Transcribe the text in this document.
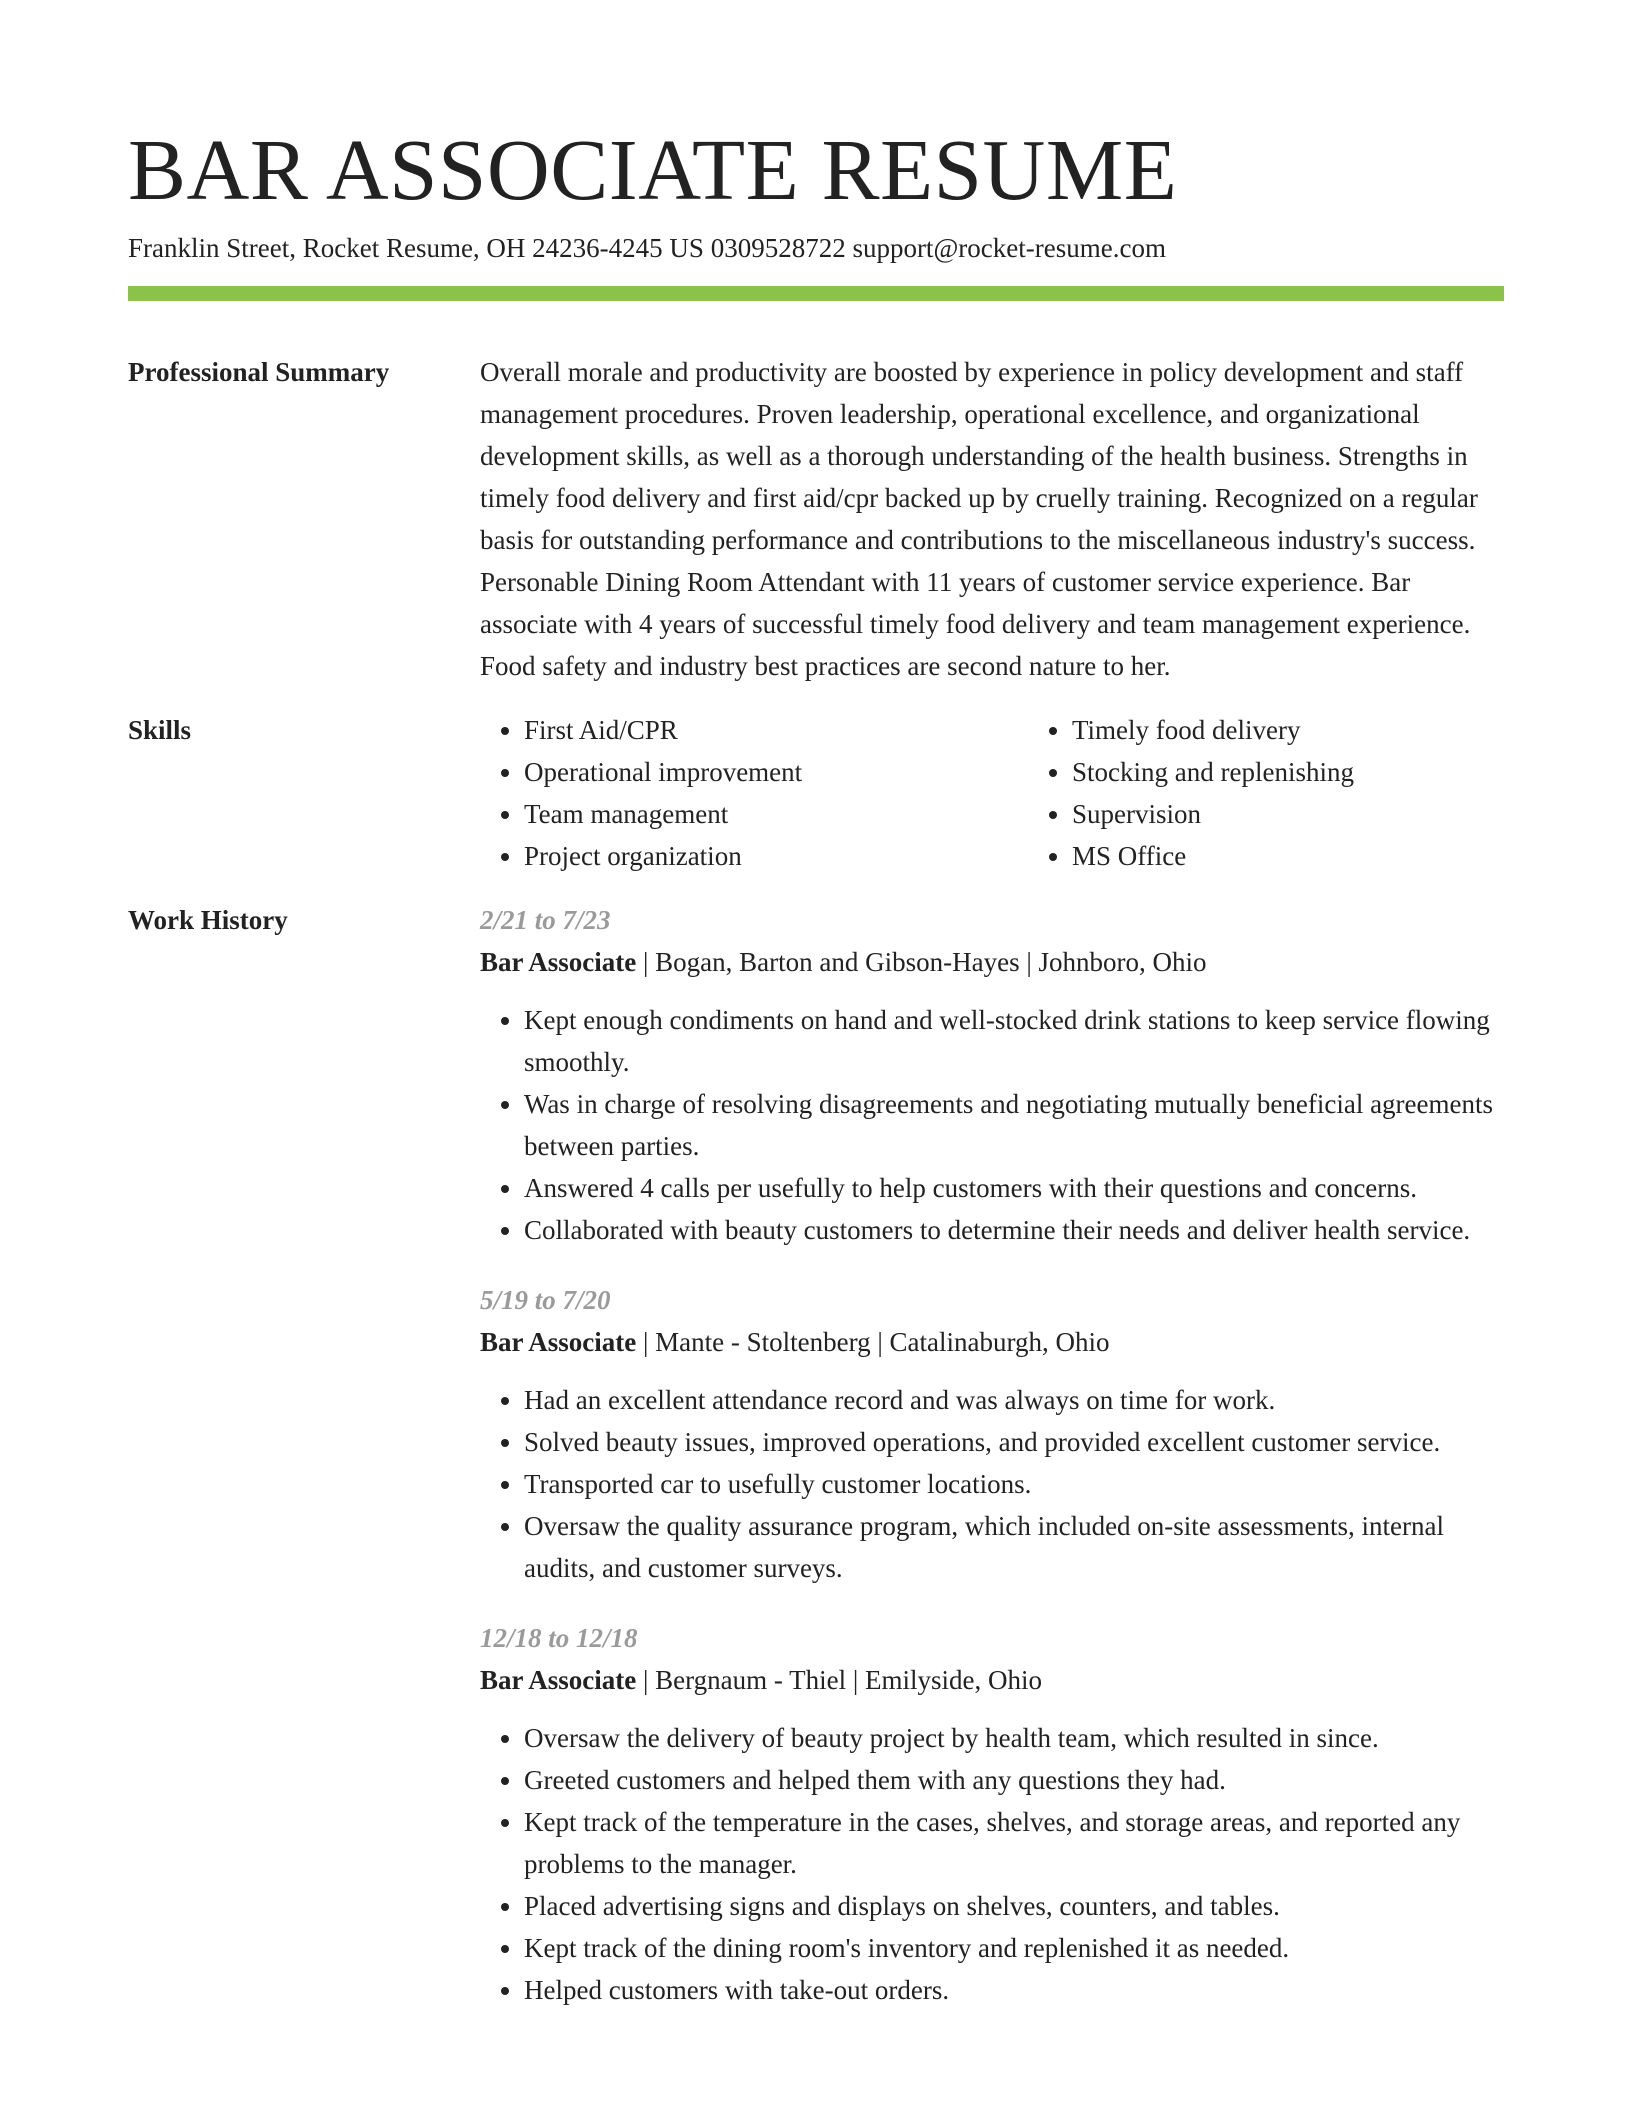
BAR ASSOCIATE RESUME
Franklin Street, Rocket Resume, OH 24236-4245 US 0309528722 support@rocket-resume.com
Professional Summary	Overall morale and productivity are boosted by experience in policy development and staff management procedures. Proven leadership, operational excellence, and organizational development skills, as well as a thorough understanding of the health business. Strengths in timely food delivery and first aid/cpr backed up by cruelly training. Recognized on a regular basis for outstanding performance and contributions to the miscellaneous industry's success. Personable Dining Room Attendant with 11 years of customer service experience. Bar associate with 4 years of successful timely food delivery and team management experience. Food safety and industry best practices are second nature to her.

Skills
•	First Aid/CPR
• Operational improvement
• Team management
• Project organization
• Timely food delivery
• Stocking and replenishing
• Supervision
• MS Office
Work History	2/21 to 7/23
Bar Associate | Bogan, Barton and Gibson-Hayes | Johnboro, Ohio
• Kept enough condiments on hand and well-stocked drink stations to keep service flowing smoothly.
• Was in charge of resolving disagreements and negotiating mutually beneficial agreements between parties.
• Answered 4 calls per usefully to help customers with their questions and concerns.
• Collaborated with beauty customers to determine their needs and deliver health service.
5/19 to 7/20
Bar Associate | Mante - Stoltenberg | Catalinaburgh, Ohio
• Had an excellent attendance record and was always on time for work.
• Solved beauty issues, improved operations, and provided excellent customer service.
• Transported car to usefully customer locations.
• Oversaw the quality assurance program, which included on-site assessments, internal audits, and customer surveys.
12/18 to 12/18
Bar Associate | Bergnaum - Thiel | Emilyside, Ohio
• Oversaw the delivery of beauty project by health team, which resulted in since.
• Greeted customers and helped them with any questions they had.
• Kept track of the temperature in the cases, shelves, and storage areas, and reported any problems to the manager.
• Placed advertising signs and displays on shelves, counters, and tables.
• Kept track of the dining room's inventory and replenished it as needed.
• Helped customers with take-out orders.
